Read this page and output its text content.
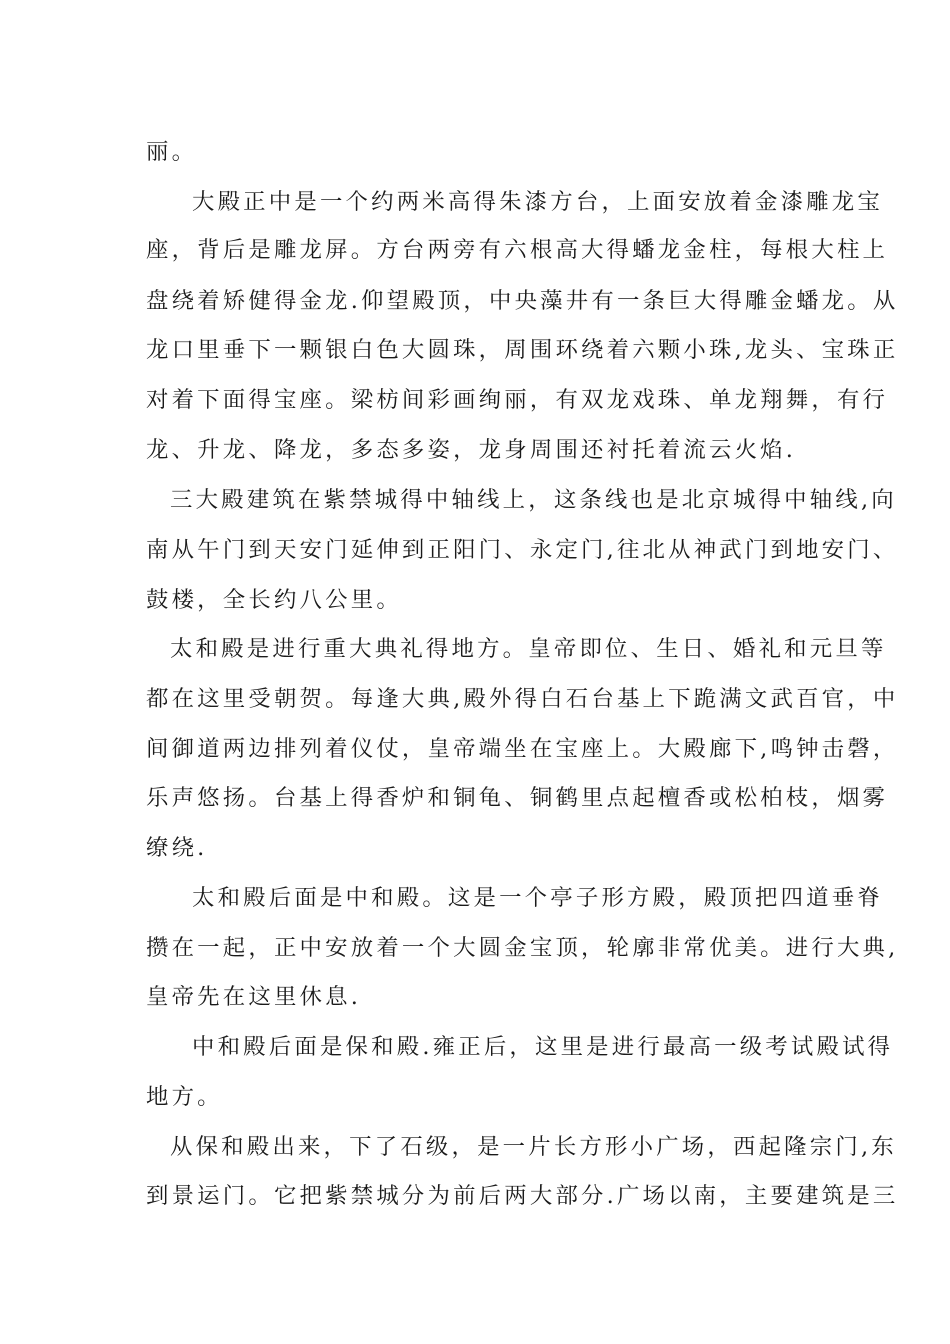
丽。
大殿正中是一个约两米高得朱漆方台，上面安放着金漆雕龙宝
座，背后是雕龙屏。方台两旁有六根高大得蟠龙金柱，每根大柱上
盘绕着矫健得金龙.仰望殿顶，中央藻井有一条巨大得雕金蟠龙。从
龙口里垂下一颗银白色大圆珠，周围环绕着六颗小珠,龙头、宝珠正
对着下面得宝座。梁枋间彩画绚丽，有双龙戏珠、单龙翔舞，有行
龙、升龙、降龙，多态多姿，龙身周围还衬托着流云火焰.
三大殿建筑在紫禁城得中轴线上，这条线也是北京城得中轴线,向
南从午门到天安门延伸到正阳门、永定门,往北从神武门到地安门、
鼓楼，全长约八公里。
太和殿是进行重大典礼得地方。皇帝即位、生日、婚礼和元旦等
都在这里受朝贺。每逢大典,殿外得白石台基上下跪满文武百官，中
间御道两边排列着仪仗，皇帝端坐在宝座上。大殿廊下,鸣钟击磬，
乐声悠扬。台基上得香炉和铜龟、铜鹤里点起檀香或松柏枝，烟雾
缭绕.
太和殿后面是中和殿。这是一个亭子形方殿，殿顶把四道垂脊
攒在一起，正中安放着一个大圆金宝顶，轮廓非常优美。进行大典,
皇帝先在这里休息.
中和殿后面是保和殿.雍正后，这里是进行最高一级考试殿试得
地方。
从保和殿出来，下了石级，是一片长方形小广场，西起隆宗门,东
到景运门。它把紫禁城分为前后两大部分.广场以南，主要建筑是三
